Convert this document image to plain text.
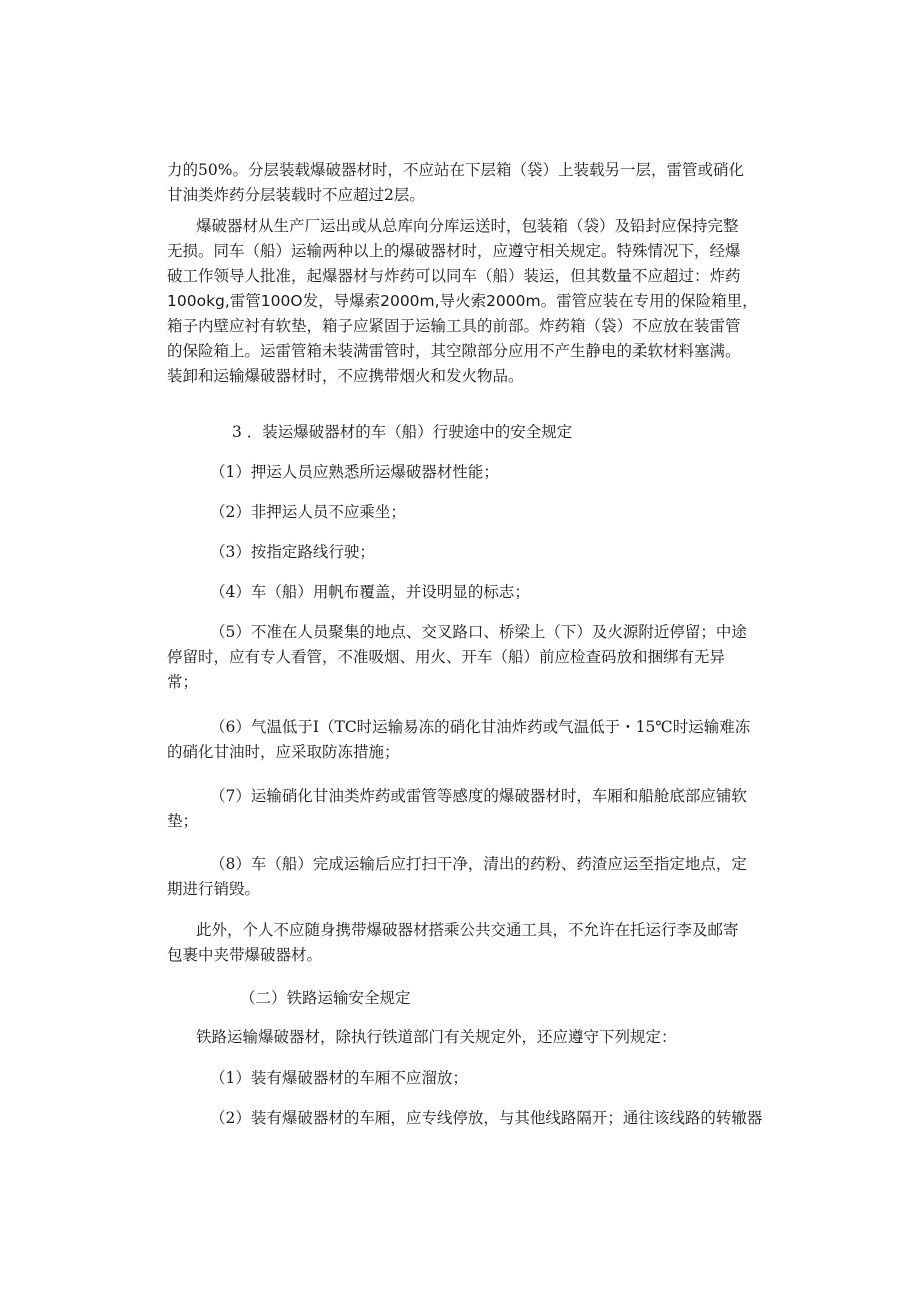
力的50%。分层装载爆破器材时，不应站在下层箱（袋）上装载另一层，雷管或硝化
甘油类炸药分层装载时不应超过2层。
爆破器材从生产厂运出或从总库向分库运送时，包装箱（袋）及铅封应保持完整
无损。同车（船）运输两种以上的爆破器材时，应遵守相关规定。特殊情况下，经爆
破工作领导人批准，起爆器材与炸药可以同车（船）装运，但其数量不应超过：炸药
100okg,雷管100O发，导爆索2000m,导火索2000m。雷管应装在专用的保险箱里，
箱子内壁应衬有软垫，箱子应紧固于运输工具的前部。炸药箱（袋）不应放在装雷管
的保险箱上。运雷管箱未装满雷管时，其空隙部分应用不产生静电的柔软材料塞满。
装卸和运输爆破器材时，不应携带烟火和发火物品。
3 ．装运爆破器材的车（船）行驶途中的安全规定
（1）押运人员应熟悉所运爆破器材性能；
（2）非押运人员不应乘坐；
（3）按指定路线行驶；
（4）车（船）用帆布覆盖，并设明显的标志；
（5）不准在人员聚集的地点、交叉路口、桥梁上（下）及火源附近停留；中途
停留时，应有专人看管，不准吸烟、用火、开车（船）前应检查码放和捆绑有无异
常；
（6）气温低于I（TC时运输易冻的硝化甘油炸药或气温低于・15℃时运输难冻
的硝化甘油时，应采取防冻措施；
（7）运输硝化甘油类炸药或雷管等感度的爆破器材时，车厢和船舱底部应铺软
垫；
（8）车（船）完成运输后应打扫干净，清出的药粉、药渣应运至指定地点，定
期进行销毁。
此外，个人不应随身携带爆破器材搭乘公共交通工具，不允许在托运行李及邮寄
包裹中夹带爆破器材。
（二）铁路运输安全规定
铁路运输爆破器材，除执行铁道部门有关规定外，还应遵守下列规定：
（1）装有爆破器材的车厢不应溜放；
（2）装有爆破器材的车厢，应专线停放，与其他线路隔开；通往该线路的转辙器
